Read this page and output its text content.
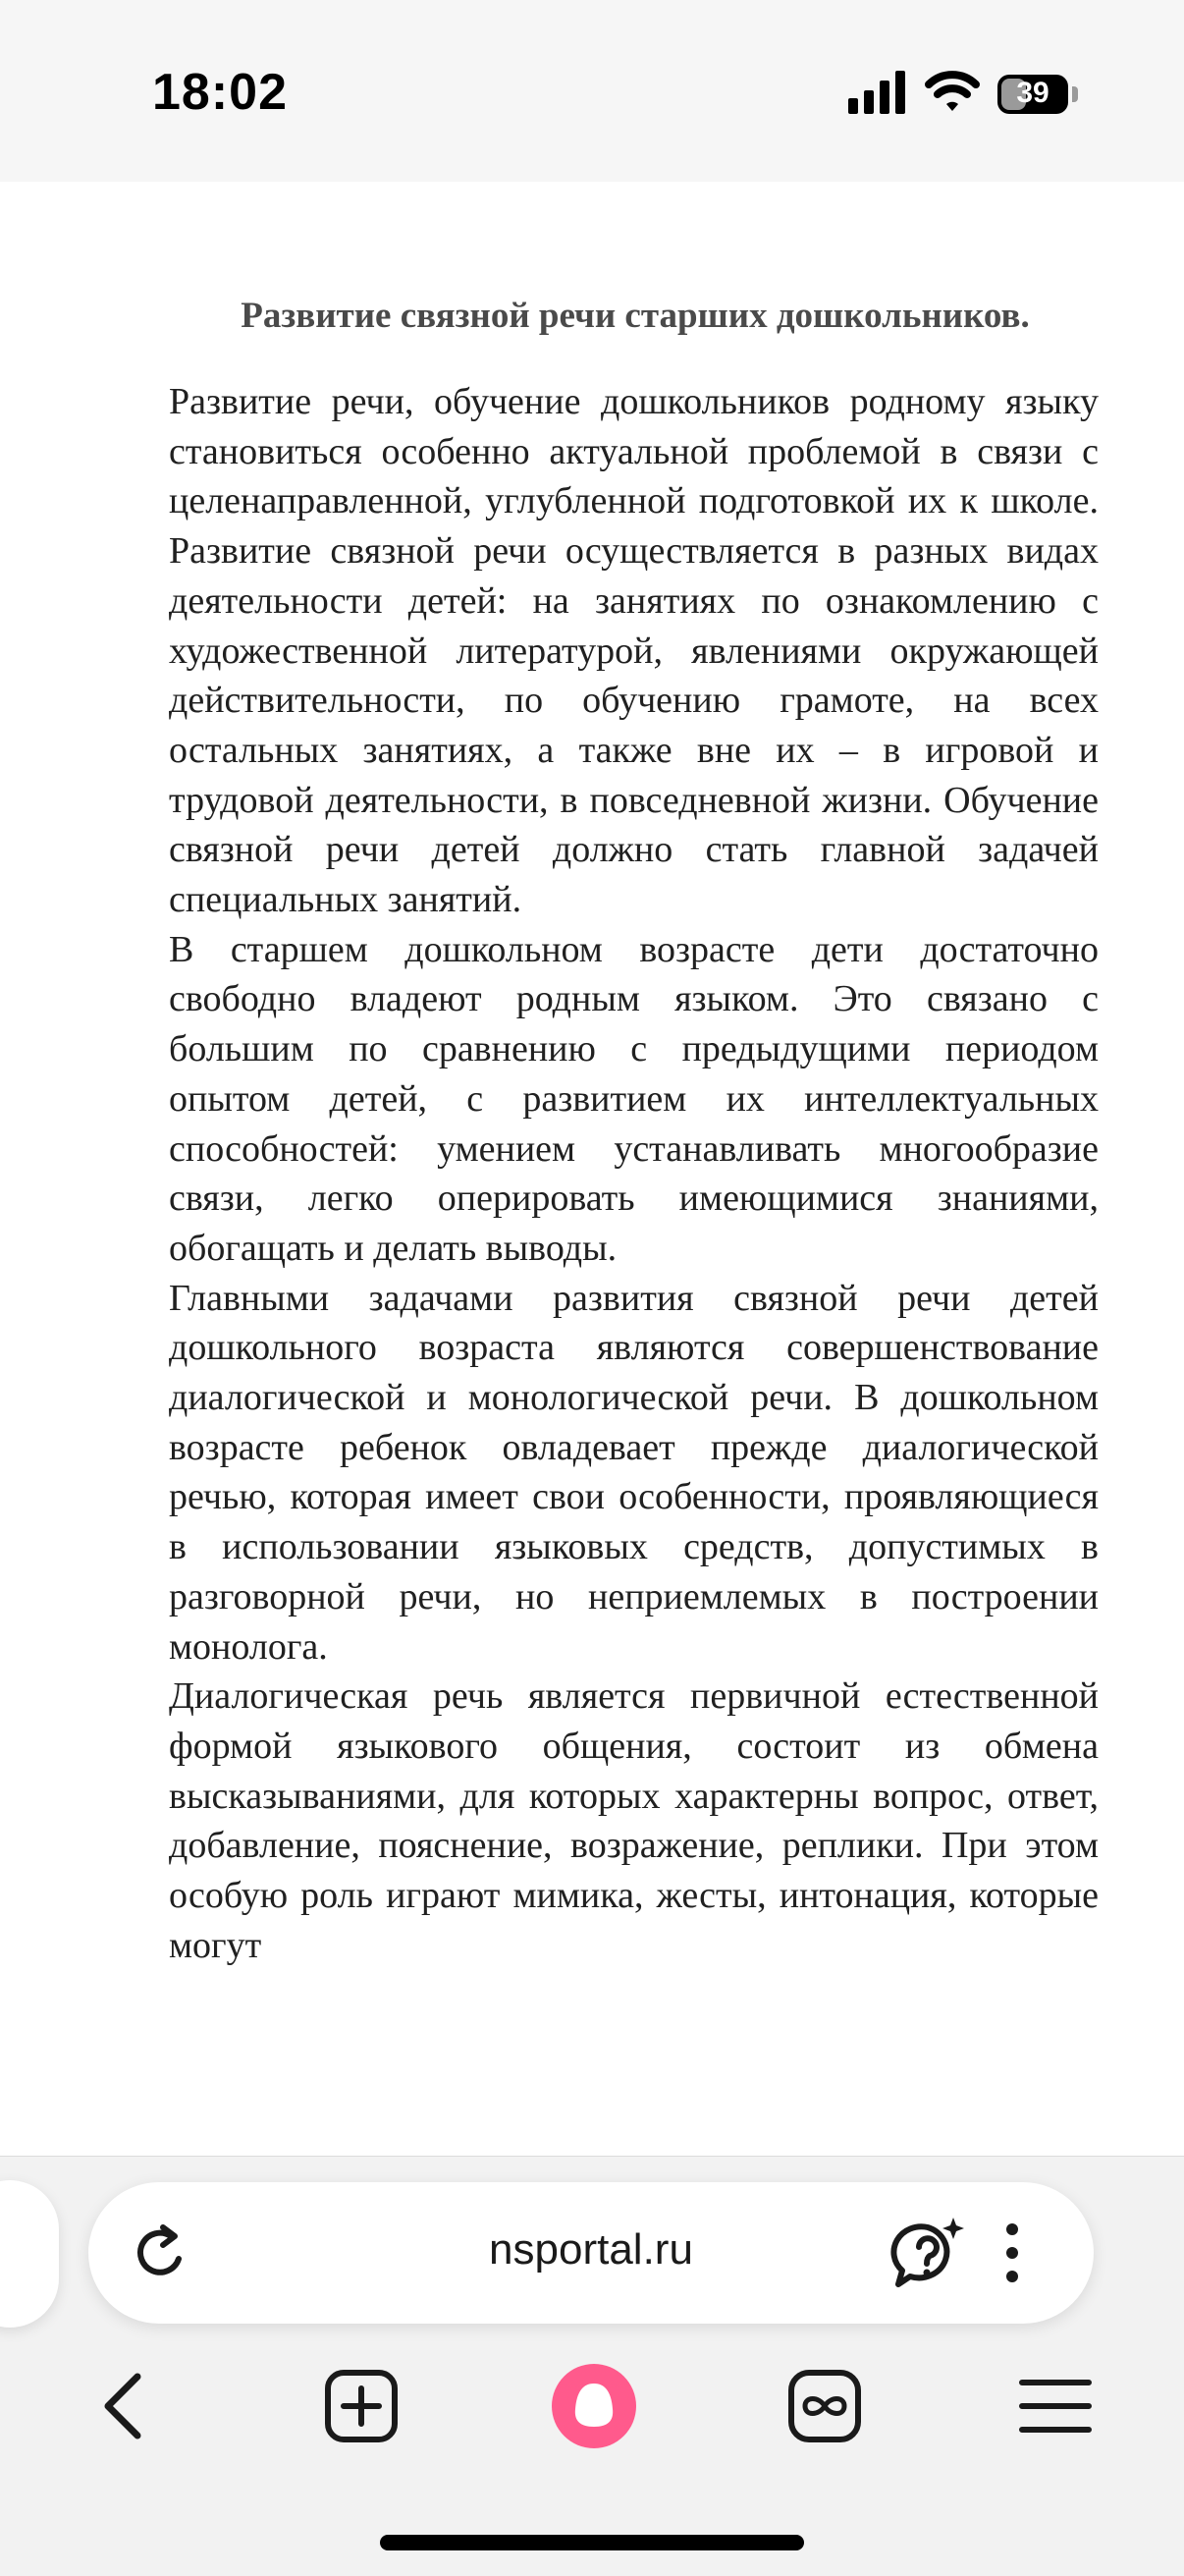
18:02	39
Развитие связной речи старших дошкольников.

Развитие речи, обучение дошкольников родному языку становиться особенно актуальной проблемой в связи с целенаправленной, углубленной подготовкой их к школе. Развитие связной речи осуществляется в разных видах деятельности детей: на занятиях по ознакомлению с художественной литературой, явлениями окружающей действительности, по обучению грамоте, на всех остальных занятиях, а также вне их – в игровой и трудовой деятельности, в повседневной жизни. Обучение связной речи детей должно стать главной задачей специальных занятий.

В старшем дошкольном возрасте дети достаточно свободно владеют родным языком. Это связано с большим по сравнению с предыдущими периодом опытом детей, с развитием их интеллектуальных способностей: умением устанавливать многообразие связи, легко оперировать имеющимися знаниями, обогащать и делать выводы.

Главными задачами развития связной речи детей дошкольного возраста являются совершенствование диалогической и монологической речи. В дошкольном возрасте ребенок овладевает прежде диалогической речью, которая имеет свои особенности, проявляющиеся в использовании языковых средств, допустимых в разговорной речи, но неприемлемых в построении монолога.

Диалогическая речь является первичной естественной формой языкового общения, состоит из обмена высказываниями, для которых характерны вопрос, ответ, добавление, пояснение, возражение, реплики. При этом особую роль играют мимика, жесты, интонация, которые могут

nsportal.ru
